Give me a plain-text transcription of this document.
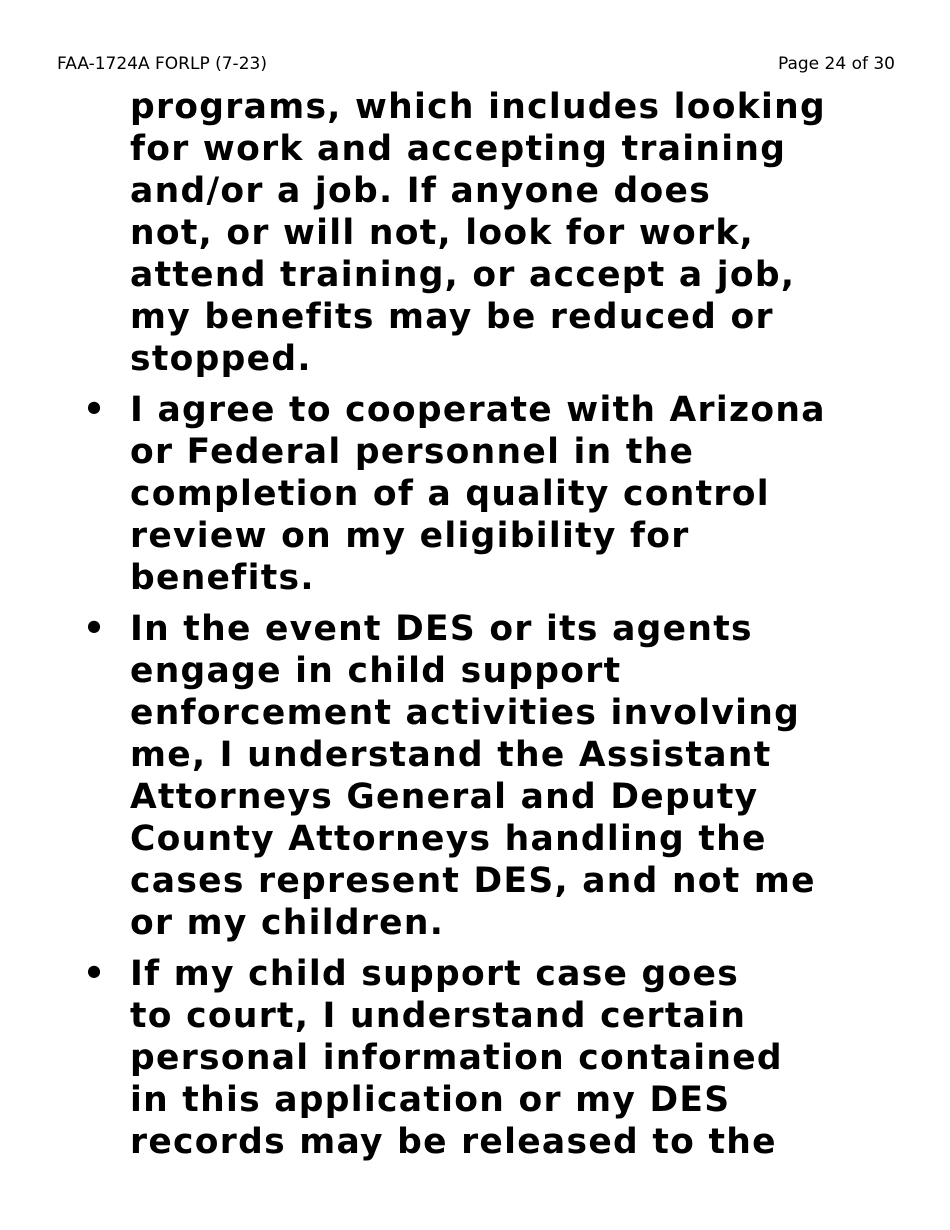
FAA-1724A FORLP (7-23)	Page 24 of 30
programs, which includes looking
for work and accepting training
and/or a job. If anyone does
not, or will not, look for work,
attend training, or accept a job,
my benefits may be reduced or
stopped.
• I agree to cooperate with Arizona
or Federal personnel in the
completion of a quality control
review on my eligibility for
benefits.
• In the event DES or its agents
engage in child support
enforcement activities involving
me, I understand the Assistant
Attorneys General and Deputy
County Attorneys handling the
cases represent DES, and not me
or my children.
• If my child support case goes
to court, I understand certain
personal information contained
in this application or my DES
records may be released to the
